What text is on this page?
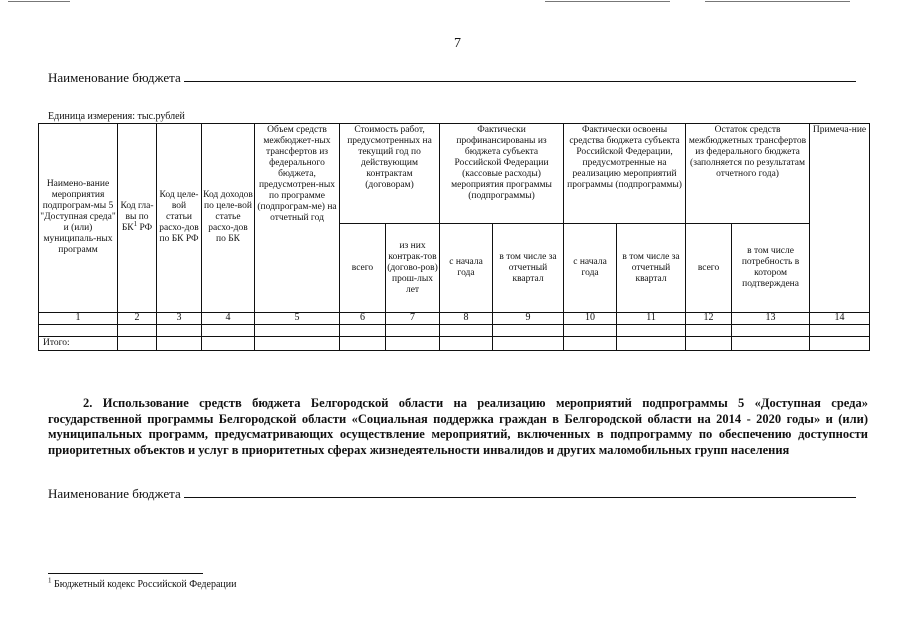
7
Наименование бюджета
Единица измерения: тыс.рублей
Наимено-вание мероприятия подпрограм-мы 5 "Доступная среда" и (или) муниципаль-ных программ	Код гла-вы по $БК^1$ РФ	Код целе-вой статьи расхо-дов по БК РФ	Код доходов по целе-вой статье расхо-дов по БК	Объем средств межбюджет-ных трансфертов из федерального бюджета, предусмотрен-ных по программе (подпрограм-ме) на отчетный год	Стоимость работ, предусмотренных на текущий год по действующим контрактам (договорам)		Фактически профинансированы из бюджета субъекта Российской Федерации (кассовые расходы) мероприятия программы (подпрограммы)		Фактически освоены средства бюджета субъекта Российской Федерации, предусмотренные на реализацию мероприятий программы (подпрограммы)		Остаток средств межбюджетных трансфертов из федерального бюджета (заполняется по результатам отчетного года)		Примеча-ние
					всего	из них контрак-тов (догово-ров) прош-лых лет	с начала года	в том числе за отчетный квартал	с начала года	в том числе за отчетный квартал	всего	в том числе потребность в котором подтверждена	
1	2	3	4	5	6	7	8	9	10	11	12	13	14

Итого:													
2. Использование средств бюджета Белгородской области на реализацию мероприятий подпрограммы 5 «Доступная среда» государственной программы Белгородской области «Социальная поддержка граждан в Белгородской области на 2014 - 2020 годы» и (или) муниципальных программ, предусматривающих осуществление мероприятий, включенных в подпрограмму по обеспечению доступности приоритетных объектов и услуг в приоритетных сферах жизнедеятельности инвалидов и других маломобильных групп населения
Наименование бюджета
$^1$ Бюджетный кодекс Российской Федерации
